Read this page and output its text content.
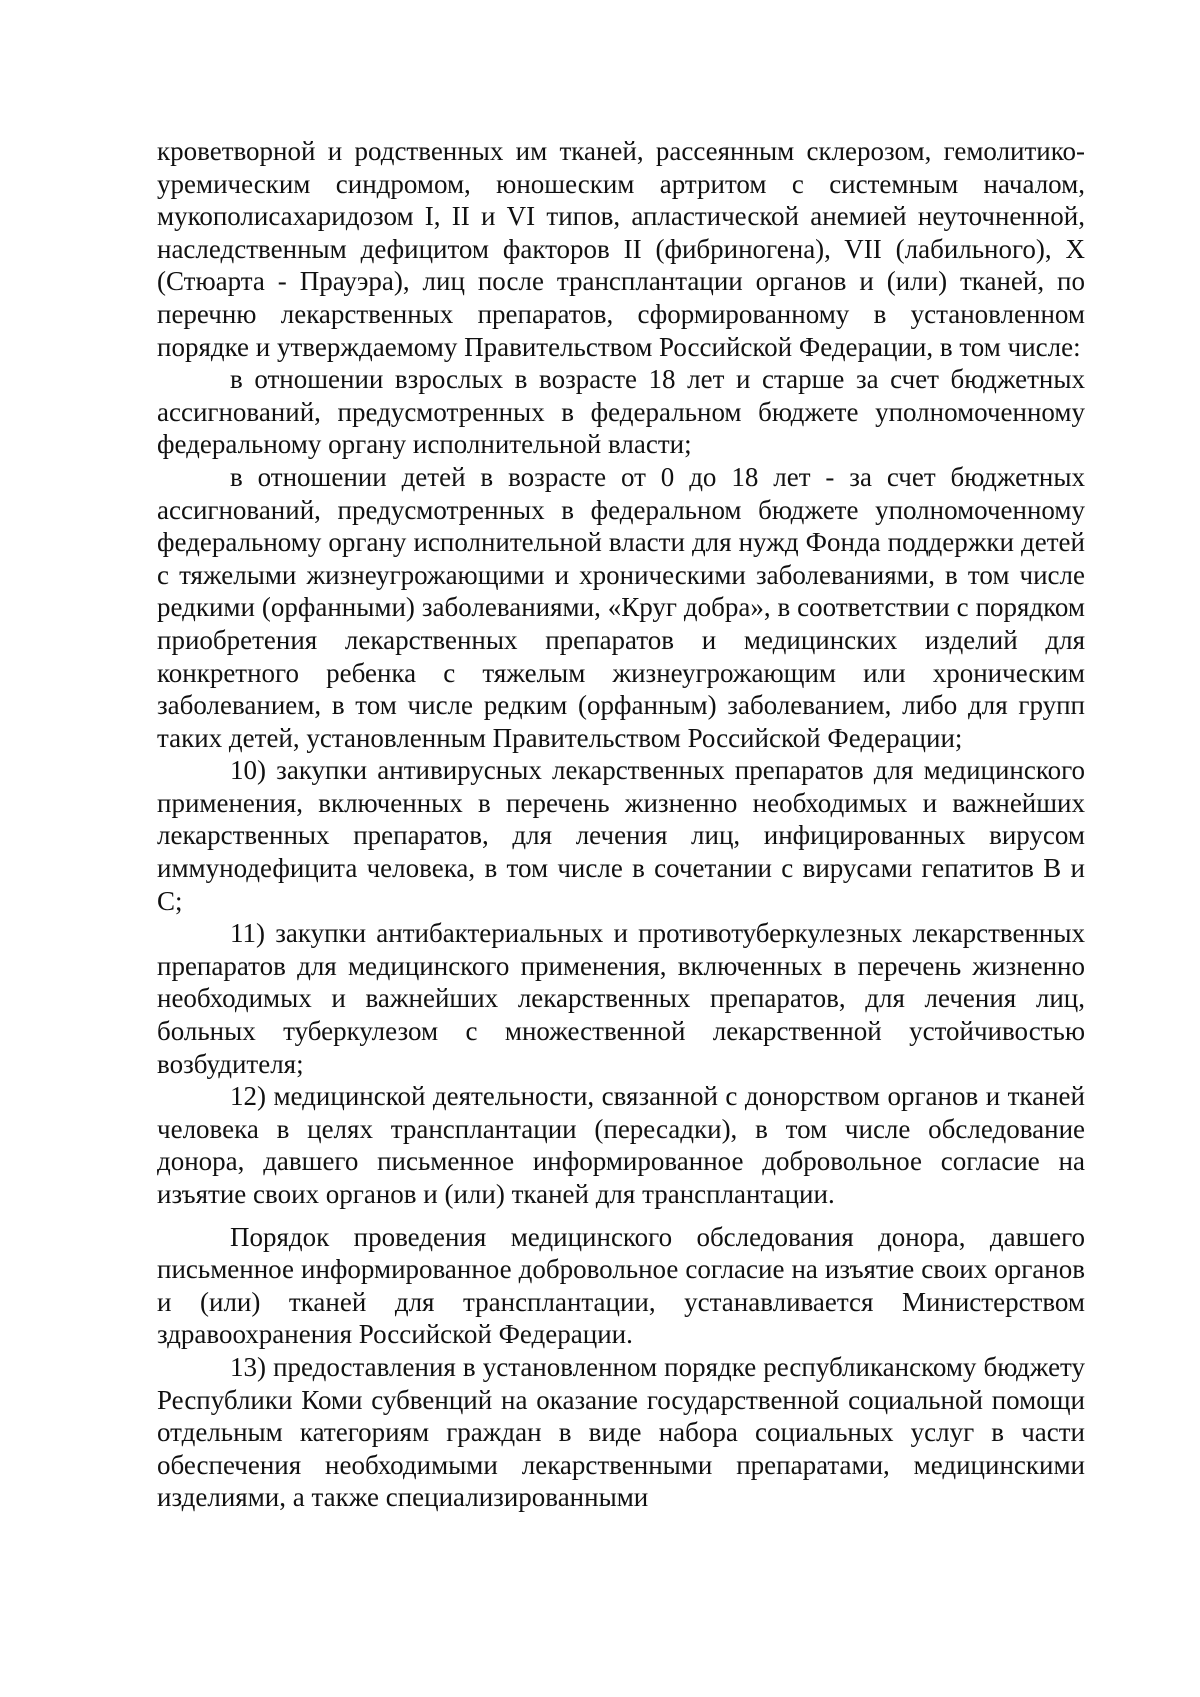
кроветворной и родственных им тканей, рассеянным склерозом, гемолитико-уремическим синдромом, юношеским артритом с системным началом, мукополисахаридозом I, II и VI типов, апластической анемией неуточненной, наследственным дефицитом факторов II (фибриногена), VII (лабильного), X (Стюарта - Прауэра), лиц после трансплантации органов и (или) тканей, по перечню лекарственных препаратов, сформированному в установленном порядке и утверждаемому Правительством Российской Федерации, в том числе:

в отношении взрослых в возрасте 18 лет и старше за счет бюджетных ассигнований, предусмотренных в федеральном бюджете уполномоченному федеральному органу исполнительной власти;

в отношении детей в возрасте от 0 до 18 лет - за счет бюджетных ассигнований, предусмотренных в федеральном бюджете уполномоченному федеральному органу исполнительной власти для нужд Фонда поддержки детей с тяжелыми жизнеугрожающими и хроническими заболеваниями, в том числе редкими (орфанными) заболеваниями, «Круг добра», в соответствии с порядком приобретения лекарственных препаратов и медицинских изделий для конкретного ребенка с тяжелым жизнеугрожающим или хроническим заболеванием, в том числе редким (орфанным) заболеванием, либо для групп таких детей, установленным Правительством Российской Федерации;

10) закупки антивирусных лекарственных препаратов для медицинского применения, включенных в перечень жизненно необходимых и важнейших лекарственных препаратов, для лечения лиц, инфицированных вирусом иммунодефицита человека, в том числе в сочетании с вирусами гепатитов B и C;

11) закупки антибактериальных и противотуберкулезных лекарственных препаратов для медицинского применения, включенных в перечень жизненно необходимых и важнейших лекарственных препаратов, для лечения лиц, больных туберкулезом с множественной лекарственной устойчивостью возбудителя;

12) медицинской деятельности, связанной с донорством органов и тканей человека в целях трансплантации (пересадки), в том числе обследование донора, давшего письменное информированное добровольное согласие на изъятие своих органов и (или) тканей для трансплантации.

Порядок проведения медицинского обследования донора, давшего письменное информированное добровольное согласие на изъятие своих органов и (или) тканей для трансплантации, устанавливается Министерством здравоохранения Российской Федерации.

13) предоставления в установленном порядке республиканскому бюджету Республики Коми субвенций на оказание государственной социальной помощи отдельным категориям граждан в виде набора социальных услуг в части обеспечения необходимыми лекарственными препаратами, медицинскими изделиями, а также специализированными
